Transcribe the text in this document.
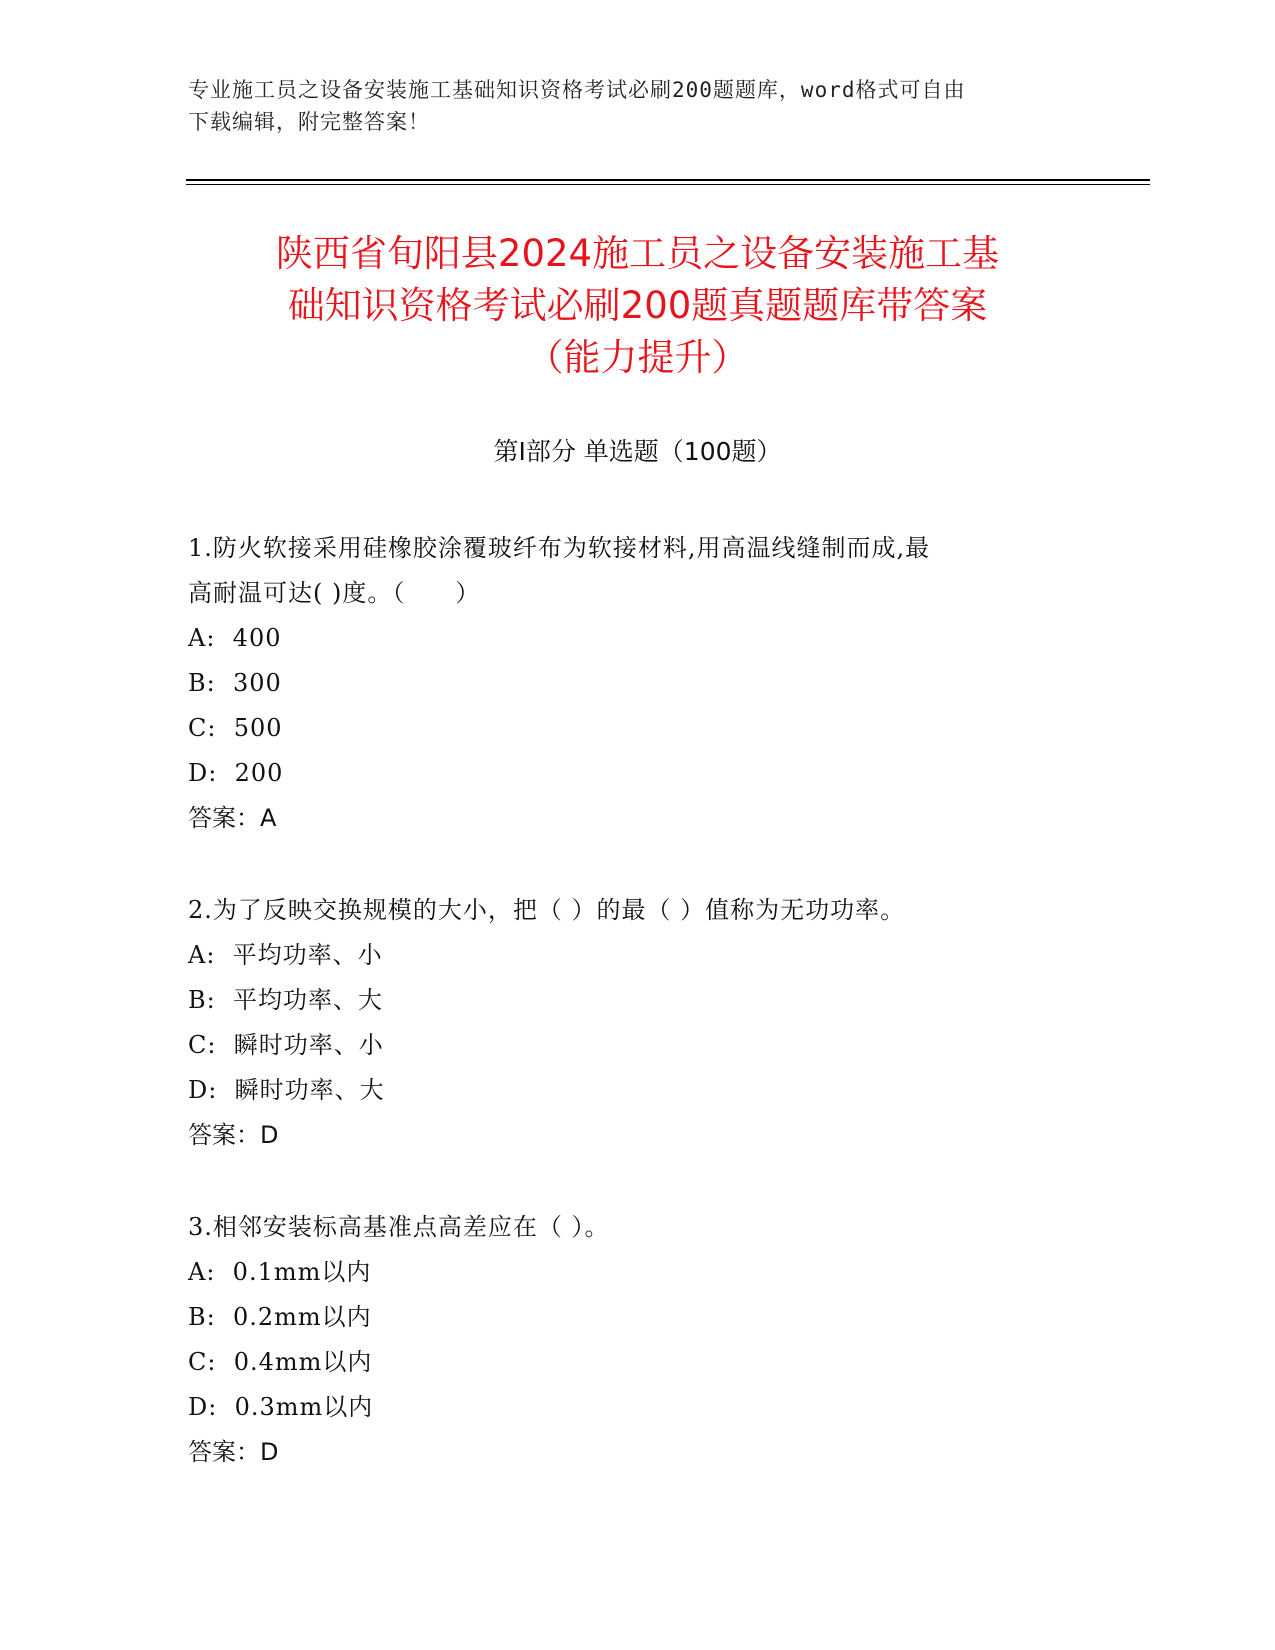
专业施工员之设备安装施工基础知识资格考试必刷200题题库，word格式可自由
下载编辑，附完整答案！
陕西省旬阳县2024施工员之设备安装施工基
础知识资格考试必刷200题真题题库带答案
（能力提升）
第Ⅰ部分 单选题（100题）

1.防火软接采用硅橡胶涂覆玻纤布为软接材料,用高温线缝制而成,最

高耐温可达( )度。（　　）

A:  400

B:  300

C:  500

D:  200

答案：A

2.为了反映交换规模的大小，把（ ）的最（ ）值称为无功功率。

A:  平均功率、小

B:  平均功率、大

C:  瞬时功率、小

D:  瞬时功率、大

答案：D

3.相邻安装标高基准点高差应在（ ）。

A:  0.1mm以内

B:  0.2mm以内

C:  0.4mm以内

D:  0.3mm以内

答案：D
